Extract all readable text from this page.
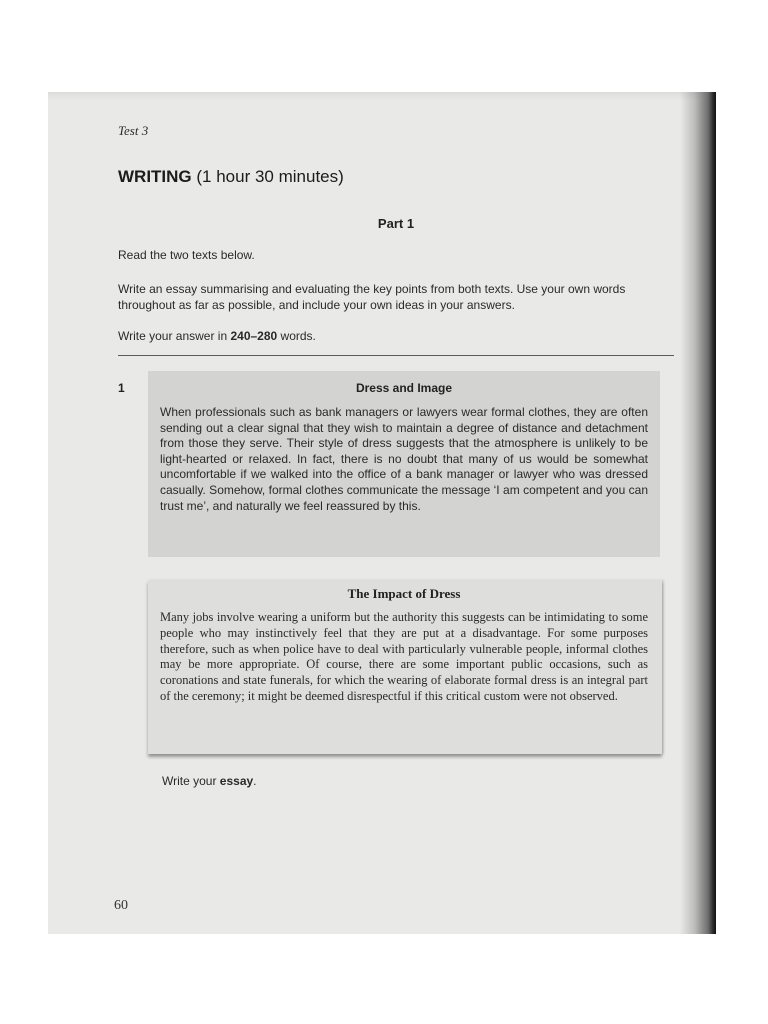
Test 3
WRITING (1 hour 30 minutes)
Part 1
Read the two texts below.
Write an essay summarising and evaluating the key points from both texts. Use your own words throughout as far as possible, and include your own ideas in your answers.
Write your answer in 240–280 words.
1	Dress and Image
When professionals such as bank managers or lawyers wear formal clothes, they are often sending out a clear signal that they wish to maintain a degree of distance and detachment from those they serve. Their style of dress suggests that the atmosphere is unlikely to be light-hearted or relaxed. In fact, there is no doubt that many of us would be somewhat uncomfortable if we walked into the office of a bank manager or lawyer who was dressed casually. Somehow, formal clothes communicate the message ‘I am competent and you can trust me’, and naturally we feel reassured by this.
The Impact of Dress
Many jobs involve wearing a uniform but the authority this suggests can be intimidating to some people who may instinctively feel that they are put at a disadvantage. For some purposes therefore, such as when police have to deal with particularly vulnerable people, informal clothes may be more appropriate. Of course, there are some important public occasions, such as coronations and state funerals, for which the wearing of elaborate formal dress is an integral part of the ceremony; it might be deemed disrespectful if this critical custom were not observed.
Write your essay.
60
